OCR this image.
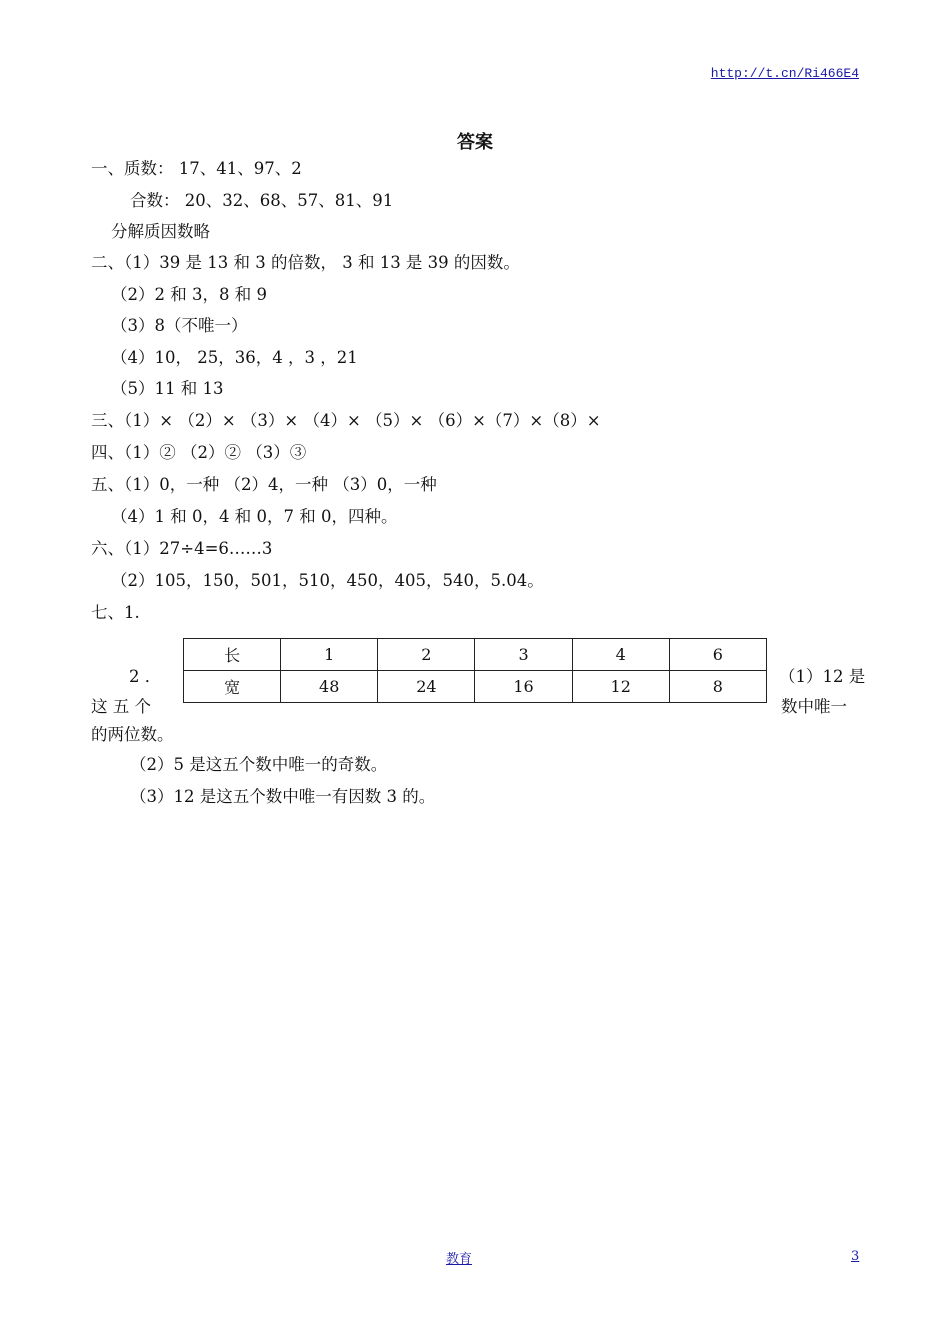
http://t.cn/Ri466E4
答案
一、质数： 17、41、97、2
合数： 20、32、68、57、81、91
分解质因数略
二、（1）39 是 13 和 3 的倍数， 3 和 13 是 39 的因数。
（2）2 和 3，8 和 9
（3）8（不唯一）
（4）10， 25，36，4 ，3 ，21
（5）11 和 13
三、（1）× （2）× （3）× （4）× （5）× （6）×（7）×（8）×
四、（1）② （2）② （3）③
五、（1）0，一种 （2）4，一种 （3）0，一种
（4）1 和 0，4 和 0，7 和 0，四种。
六、（1）27÷4=6……3
（2）105，150，501，510，450，405，540，5.04。
七、1.
长	1	2	3	4	6
宽	48	24	16	12	8
2 ．
这 五 个
（1）12 是
数中唯一
的两位数。
（2）5 是这五个数中唯一的奇数。
（3）12 是这五个数中唯一有因数 3 的。
教育	3
